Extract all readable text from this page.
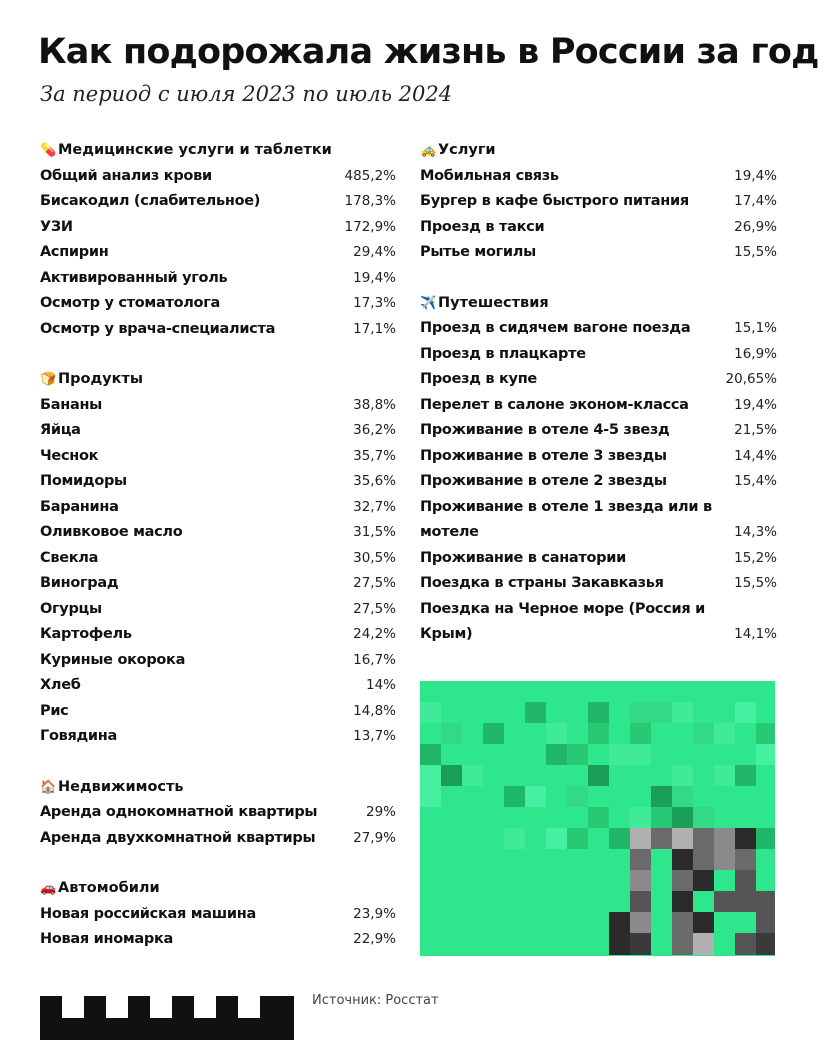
Как подорожала жизнь в России за год
За период с июля 2023 по июль 2024
💊 Медицинские услуги и таблетки
Общий анализ крови	485,2%
Бисакодил (слабительное)	178,3%
УЗИ	172,9%
Аспирин	29,4%
Активированный уголь	19,4%
Осмотр у стоматолога	17,3%
Осмотр у врача-специалиста	17,1%
🍞 Продукты
Бананы	38,8%
Яйца	36,2%
Чеснок	35,7%
Помидоры	35,6%
Баранина	32,7%
Оливковое масло	31,5%
Свекла	30,5%
Виноград	27,5%
Огурцы	27,5%
Картофель	24,2%
Куриные окорока	16,7%
Хлеб	14%
Рис	14,8%
Говядина	13,7%
🏠 Недвижимость
Аренда однокомнатной квартиры	29%
Аренда двухкомнатной квартиры	27,9%
🚗 Автомобили
Новая российская машина	23,9%
Новая иномарка	22,9%
🚕 Услуги
Мобильная связь	19,4%
Бургер в кафе быстрого питания	17,4%
Проезд в такси	26,9%
Рытье могилы	15,5%
✈️ Путешествия
Проезд в сидячем вагоне поезда	15,1%
Проезд в плацкарте	16,9%
Проезд в купе	20,65%
Перелет в салоне эконом-класса	19,4%
Проживание в отеле 4-5 звезд	21,5%
Проживание в отеле 3 звезды	14,4%
Проживание в отеле 2 звезды	15,4%
Проживание в отеле 1 звезда или в мотеле	14,3%
Проживание в санатории	15,2%
Поездка в страны Закавказья	15,5%
Поездка на Черное море (Россия и Крым)	14,1%
Источник: Росстат
